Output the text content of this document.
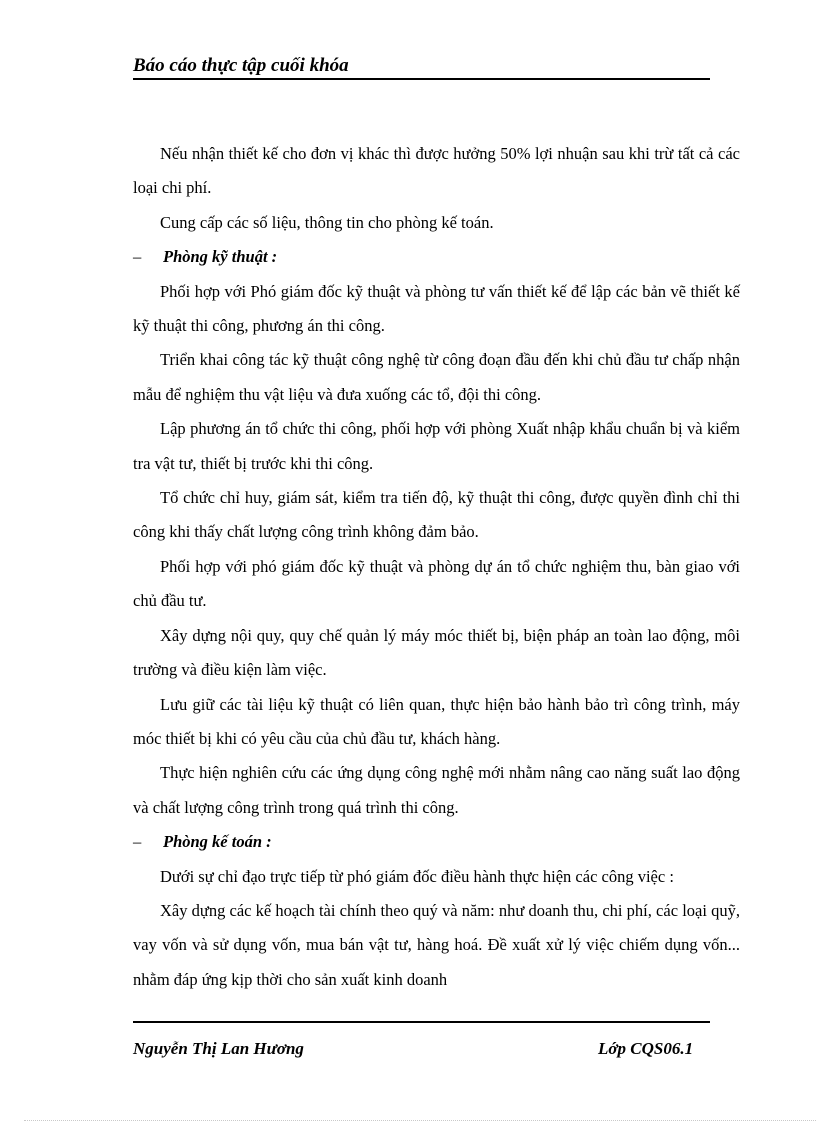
Báo cáo thực tập cuối khóa

Nếu nhận thiết kế cho đơn vị khác thì được hưởng 50% lợi nhuận sau khi trừ tất cả các loại chi phí.

Cung cấp các số liệu, thông tin cho phòng kế toán.

– Phòng kỹ thuật :

Phối hợp với Phó giám đốc kỹ thuật và phòng tư vấn thiết kế để lập các bản vẽ thiết kế kỹ thuật thi công, phương án thi công.

Triển khai công tác kỹ thuật công nghệ từ công đoạn đầu đến khi chủ đầu tư chấp nhận mẫu để nghiệm thu vật liệu và đưa xuống các tổ, đội thi công.

Lập phương án tổ chức thi công, phối hợp với phòng Xuất nhập khẩu chuẩn bị và kiểm tra vật tư, thiết bị trước khi thi công.

Tổ chức chỉ huy, giám sát, kiểm tra tiến độ, kỹ thuật thi công, được quyền đình chỉ thi công khi thấy chất lượng công trình không đảm bảo.

Phối hợp với phó giám đốc kỹ thuật và phòng dự án tổ chức nghiệm thu, bàn giao với chủ đầu tư.

Xây dựng nội quy, quy chế quản lý máy móc thiết bị, biện pháp an toàn lao động, môi trường và điều kiện làm việc.

Lưu giữ các tài liệu kỹ thuật có liên quan, thực hiện bảo hành bảo trì công trình, máy móc thiết bị khi có yêu cầu của chủ đầu tư, khách hàng.

Thực hiện nghiên cứu các ứng dụng công nghệ mới nhằm nâng cao năng suất lao động và chất lượng công trình trong quá trình thi công.

– Phòng kế toán :

Dưới sự chỉ đạo trực tiếp từ phó giám đốc điều hành thực hiện các công việc :

Xây dựng các kế hoạch tài chính theo quý và năm: như doanh thu, chi phí, các loại quỹ, vay vốn và sử dụng vốn, mua bán vật tư, hàng hoá. Đề xuất xử lý việc chiếm dụng vốn... nhằm đáp ứng kịp thời cho sản xuất kinh doanh

Nguyễn Thị Lan Hương	Lớp CQS06.1
